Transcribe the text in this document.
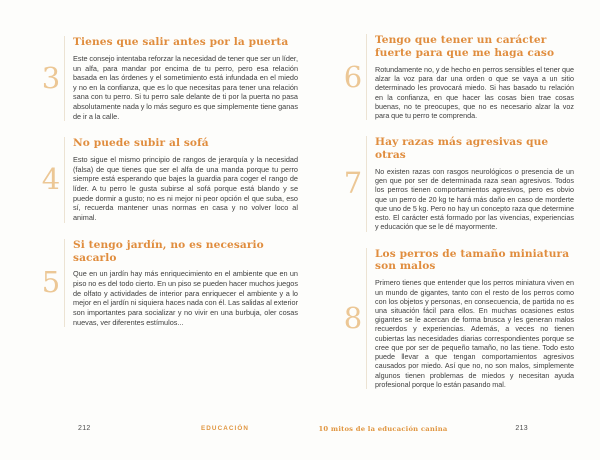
3
Tienes que salir antes por la puerta

Este consejo intentaba reforzar la necesidad de tener que ser un líder, un alfa, para mandar por encima de tu perro, pero esa relación basada en las órdenes y el sometimiento está infundada en el miedo y no en la confianza, que es lo que necesitas para tener una relación sana con tu perro. Si tu perro sale delante de ti por la puerta no pasa absolutamente nada y lo más seguro es que simplemente tiene ganas de ir a la calle.

4
No puede subir al sofá

Esto sigue el mismo principio de rangos de jerarquía y la necesidad (falsa) de que tienes que ser el alfa de una manda porque tu perro siempre está esperando que bajes la guardia para coger el rango de líder. A tu perro le gusta subirse al sofá porque está blando y se puede dormir a gusto; no es ni mejor ni peor opción el que suba, eso sí, recuerda mantener unas normas en casa y no volver loco al animal.

5
Si tengo jardín, no es necesario sacarlo

Que en un jardín hay más enriquecimiento en el ambiente que en un piso no es del todo cierto. En un piso se pueden hacer muchos juegos de olfato y actividades de interior para enriquecer el ambiente y a lo mejor en el jardín ni siquiera haces nada con él. Las salidas al exterior son importantes para socializar y no vivir en una burbuja, oler cosas nuevas, ver diferentes estímulos...

6
Tengo que tener un carácter fuerte para que me haga caso

Rotundamente no, y de hecho en perros sensibles el tener que alzar la voz para dar una orden o que se vaya a un sitio determinado les provocará miedo. Si has basado tu relación en la confianza, en que hacer las cosas bien trae cosas buenas, no te preocupes, que no es necesario alzar la voz para que tu perro te comprenda.

7
Hay razas más agresivas que otras

No existen razas con rasgos neurológicos o presencia de un gen que por ser de determinada raza sean agresivos. Todos los perros tienen comportamientos agresivos, pero es obvio que un perro de 20 kg te hará más daño en caso de morderte que uno de 5 kg. Pero no hay un concepto raza que determine esto. El carácter está formado por las vivencias, experiencias y educación que se le dé mayormente.

8
Los perros de tamaño miniatura son malos

Primero tienes que entender que los perros miniatura viven en un mundo de gigantes, tanto con el resto de los perros como con los objetos y personas, en consecuencia, de partida no es una situación fácil para ellos. En muchas ocasiones estos gigantes se le acercan de forma brusca y les generan malos recuerdos y experiencias. Además, a veces no tienen cubiertas las necesidades diarias correspondientes porque se cree que por ser de pequeño tamaño, no las tiene. Todo esto puede llevar a que tengan comportamientos agresivos causados por miedo. Así que no, no son malos, simplemente algunos tienen problemas de miedos y necesitan ayuda profesional porque lo están pasando mal.

212	EDUCACIÓN	10 mitos de la educación canina	213
